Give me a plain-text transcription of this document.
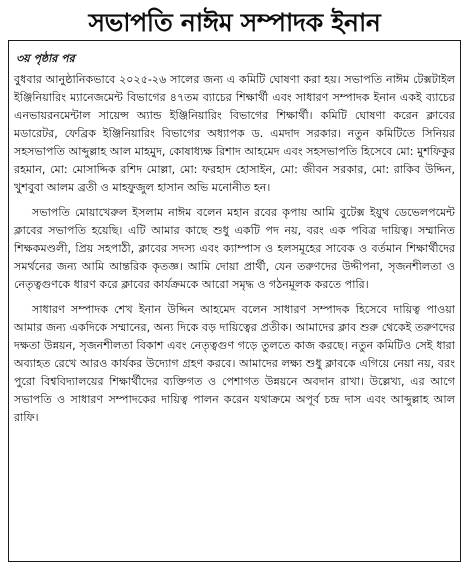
সভাপতি নাঈম সম্পাদক ইনান
৩য় পৃষ্ঠার পর

বুধবার আনুষ্ঠানিকভাবে ২০২৫-২৬ সালের জন্য এ কমিটি ঘোষণা করা হয়। সভাপতি নাঈম টেক্সটাইল ইঞ্জিনিয়ারিং ম্যানেজমেন্ট বিভাগের ৪৭তম ব্যাচের শিক্ষার্থী এবং সাধারণ সম্পাদক ইনান একই ব্যাচের এনভায়রনমেন্টাল সায়েন্স অ্যান্ড ইঞ্জিনিয়ারিং বিভাগের শিক্ষার্থী। কমিটি ঘোষণা করেন ক্লাবের মডারেটর, ফেব্রিক ইঞ্জিনিয়ারিং বিভাগের অধ্যাপক ড. এমদাদ সরকার। নতুন কমিটিতে সিনিয়র সহসভাপতি আব্দুল্লাহ আল মাহমুদ, কোষাধ্যক্ষ রিশাদ আহমেদ এবং সহসভাপতি হিসেবে মো: মুশফিকুর রহমান, মো: মোসাদ্দিক রশিদ মোল্লা, মো: ফরহাদ হোসাইন, মো: জীবন সরকার, মো: রাকিব উদ্দিন, খুশবুবা আলম ব্রতী ও মাহফুজুল হাসান অভি মনোনীত হন।

সভাপতি মোয়াখেরুল ইসলাম নাঈম বলেন মহান রবের কৃপায় আমি বুটেক্স ইয়ুথ ডেভেলপমেন্ট ক্লাবের সভাপতি হয়েছি। এটি আমার কাছে শুধু একটি পদ নয়, বরং এক পবিত্র দায়িত্ব। সম্মানিত শিক্ষকমণ্ডলী, প্রিয় সহপাঠী, ক্লাবের সদস্য এবং ক্যাম্পাস ও হলসমূহের সাবেক ও বর্তমান শিক্ষার্থীদের সমর্থনের জন্য আমি আন্তরিক কৃতজ্ঞ। আমি দোয়া প্রার্থী, যেন তরুণদের উদ্দীপনা, সৃজনশীলতা ও নেতৃত্বগুণকে ধারণ করে ক্লাবের কার্যক্রমকে আরো সমৃদ্ধ ও গঠনমূলক করতে পারি।

সাধারণ সম্পাদক শেখ ইনান উদ্দিন আহমেদ বলেন সাধারণ সম্পাদক হিসেবে দায়িত্ব পাওয়া আমার জন্য একদিকে সম্মানের, অন্য দিকে বড় দায়িত্বের প্রতীক। আমাদের ক্লাব শুরু থেকেই তরুণদের দক্ষতা উন্নয়ন, সৃজনশীলতা বিকাশ এবং নেতৃত্বগুণ গড়ে তুলতে কাজ করছে। নতুন কমিটিও সেই ধারা অব্যাহত রেখে আরও কার্যকর উদ্যোগ গ্রহণ করবে। আমাদের লক্ষ্য শুধু ক্লাবকে এগিয়ে নেয়া নয়, বরং পুরো বিশ্ববিদ্যালয়ের শিক্ষার্থীদের ব্যক্তিগত ও পেশাগত উন্নয়নে অবদান রাখা। উল্লেখ্য, এর আগে সভাপতি ও সাধারণ সম্পাদকের দায়িত্ব পালন করেন যথাক্রমে অপূর্ব চন্দ্র দাস এবং আব্দুল্লাহ আল রাফি।
